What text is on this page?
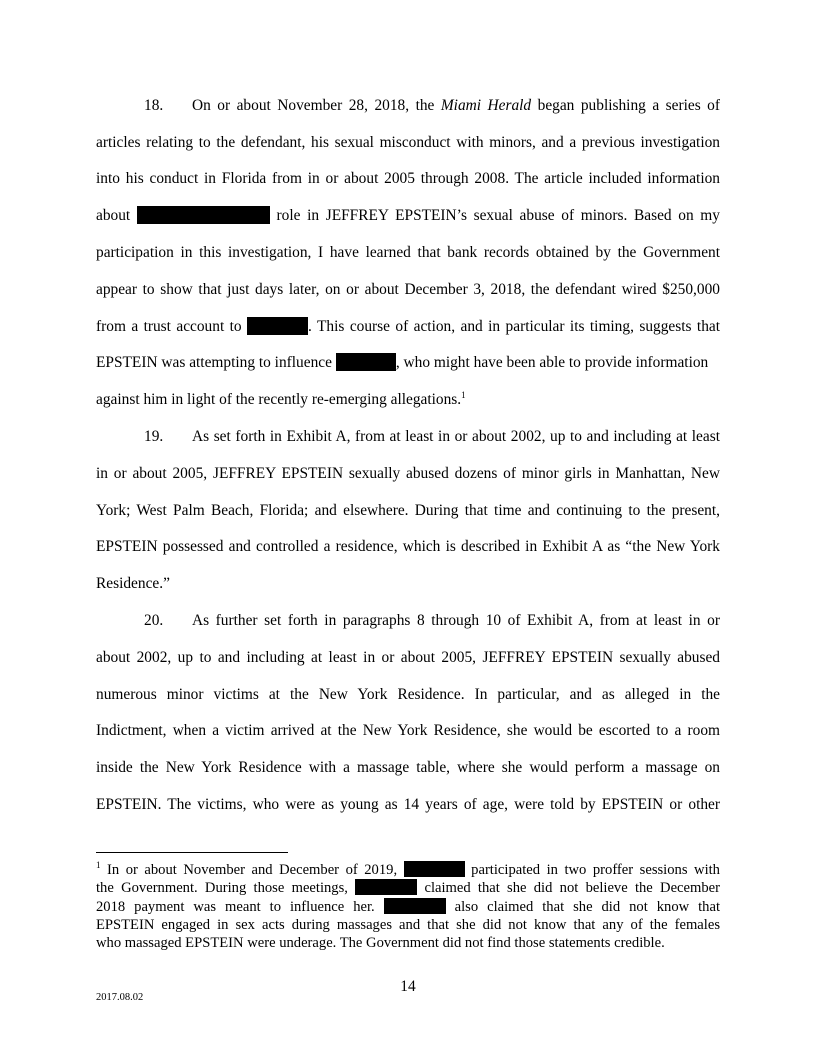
18. On or about November 28, 2018, the Miami Herald began publishing a series of
articles relating to the defendant, his sexual misconduct with minors, and a previous investigation
into his conduct in Florida from in or about 2005 through 2008. The article included information
about	role in JEFFREY EPSTEIN’s sexual abuse of minors. Based on my
participation in this investigation, I have learned that bank records obtained by the Government
appear to show that just days later, on or about December 3, 2018, the defendant wired $250,000
from a trust account to	. This course of action, and in particular its timing, suggests that
EPSTEIN was attempting to influence	, who might have been able to provide information
against him in light of the recently re-emerging allegations.$^1$
19. As set forth in Exhibit A, from at least in or about 2002, up to and including at least
in or about 2005, JEFFREY EPSTEIN sexually abused dozens of minor girls in Manhattan, New
York; West Palm Beach, Florida; and elsewhere. During that time and continuing to the present,
EPSTEIN possessed and controlled a residence, which is described in Exhibit A as “the New York
Residence.”
20. As further set forth in paragraphs 8 through 10 of Exhibit A, from at least in or
about 2002, up to and including at least in or about 2005, JEFFREY EPSTEIN sexually abused
numerous minor victims at the New York Residence. In particular, and as alleged in the
Indictment, when a victim arrived at the New York Residence, she would be escorted to a room
inside the New York Residence with a massage table, where she would perform a massage on
EPSTEIN. The victims, who were as young as 14 years of age, were told by EPSTEIN or other
$^1$ In or about November and December of 2019,	participated in two proffer sessions with
the Government. During those meetings,	claimed that she did not believe the December
2018 payment was meant to influence her.	also claimed that she did not know that
EPSTEIN engaged in sex acts during massages and that she did not know that any of the females
who massaged EPSTEIN were underage. The Government did not find those statements credible.
14
2017.08.02
